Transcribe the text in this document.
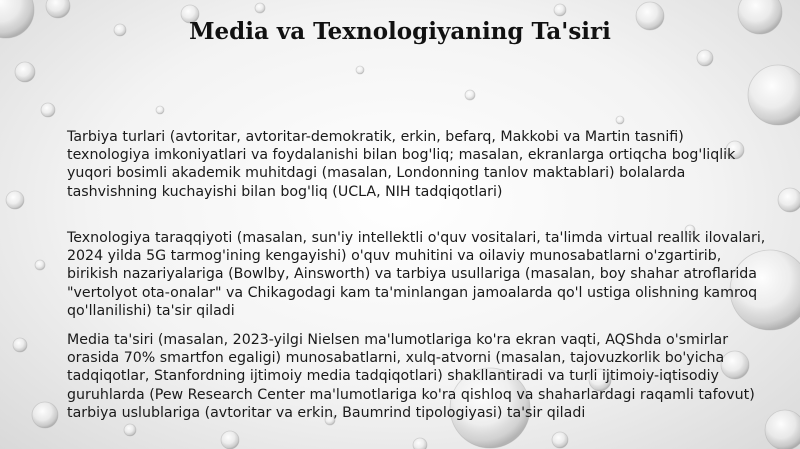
Media va Texnologiyaning Ta'siri

Tarbiya turlari (avtoritar, avtoritar-demokratik, erkin, befarq, Makkobi va Martin tasnifi) texnologiya imkoniyatlari va foydalanishi bilan bog'liq; masalan, ekranlarga ortiqcha bog'liqlik yuqori bosimli akademik muhitdagi (masalan, Londonning tanlov maktablari) bolalarda tashvishning kuchayishi bilan bog'liq (UCLA, NIH tadqiqotlari)

Texnologiya taraqqiyoti (masalan, sun'iy intellektli o'quv vositalari, ta'limda virtual reallik ilovalari, 2024 yilda 5G tarmog'ining kengayishi) o'quv muhitini va oilaviy munosabatlarni o'zgartirib, birikish nazariyalariga (Bowlby, Ainsworth) va tarbiya usullariga (masalan, boy shahar atroflarida "vertolyot ota-onalar" va Chikagodagi kam ta'minlangan jamoalarda qo'l ustiga olishning kamroq qo'llanilishi) ta'sir qiladi

Media ta'siri (masalan, 2023-yilgi Nielsen ma'lumotlariga ko'ra ekran vaqti, AQShda o'smirlar orasida 70% smartfon egaligi) munosabatlarni, xulq-atvorni (masalan, tajovuzkorlik bo'yicha tadqiqotlar, Stanfordning ijtimoiy media tadqiqotlari) shakllantiradi va turli ijtimoiy-iqtisodiy guruhlarda (Pew Research Center ma'lumotlariga ko'ra qishloq va shaharlardagi raqamli tafovut) tarbiya uslublariga (avtoritar va erkin, Baumrind tipologiyasi) ta'sir qiladi
